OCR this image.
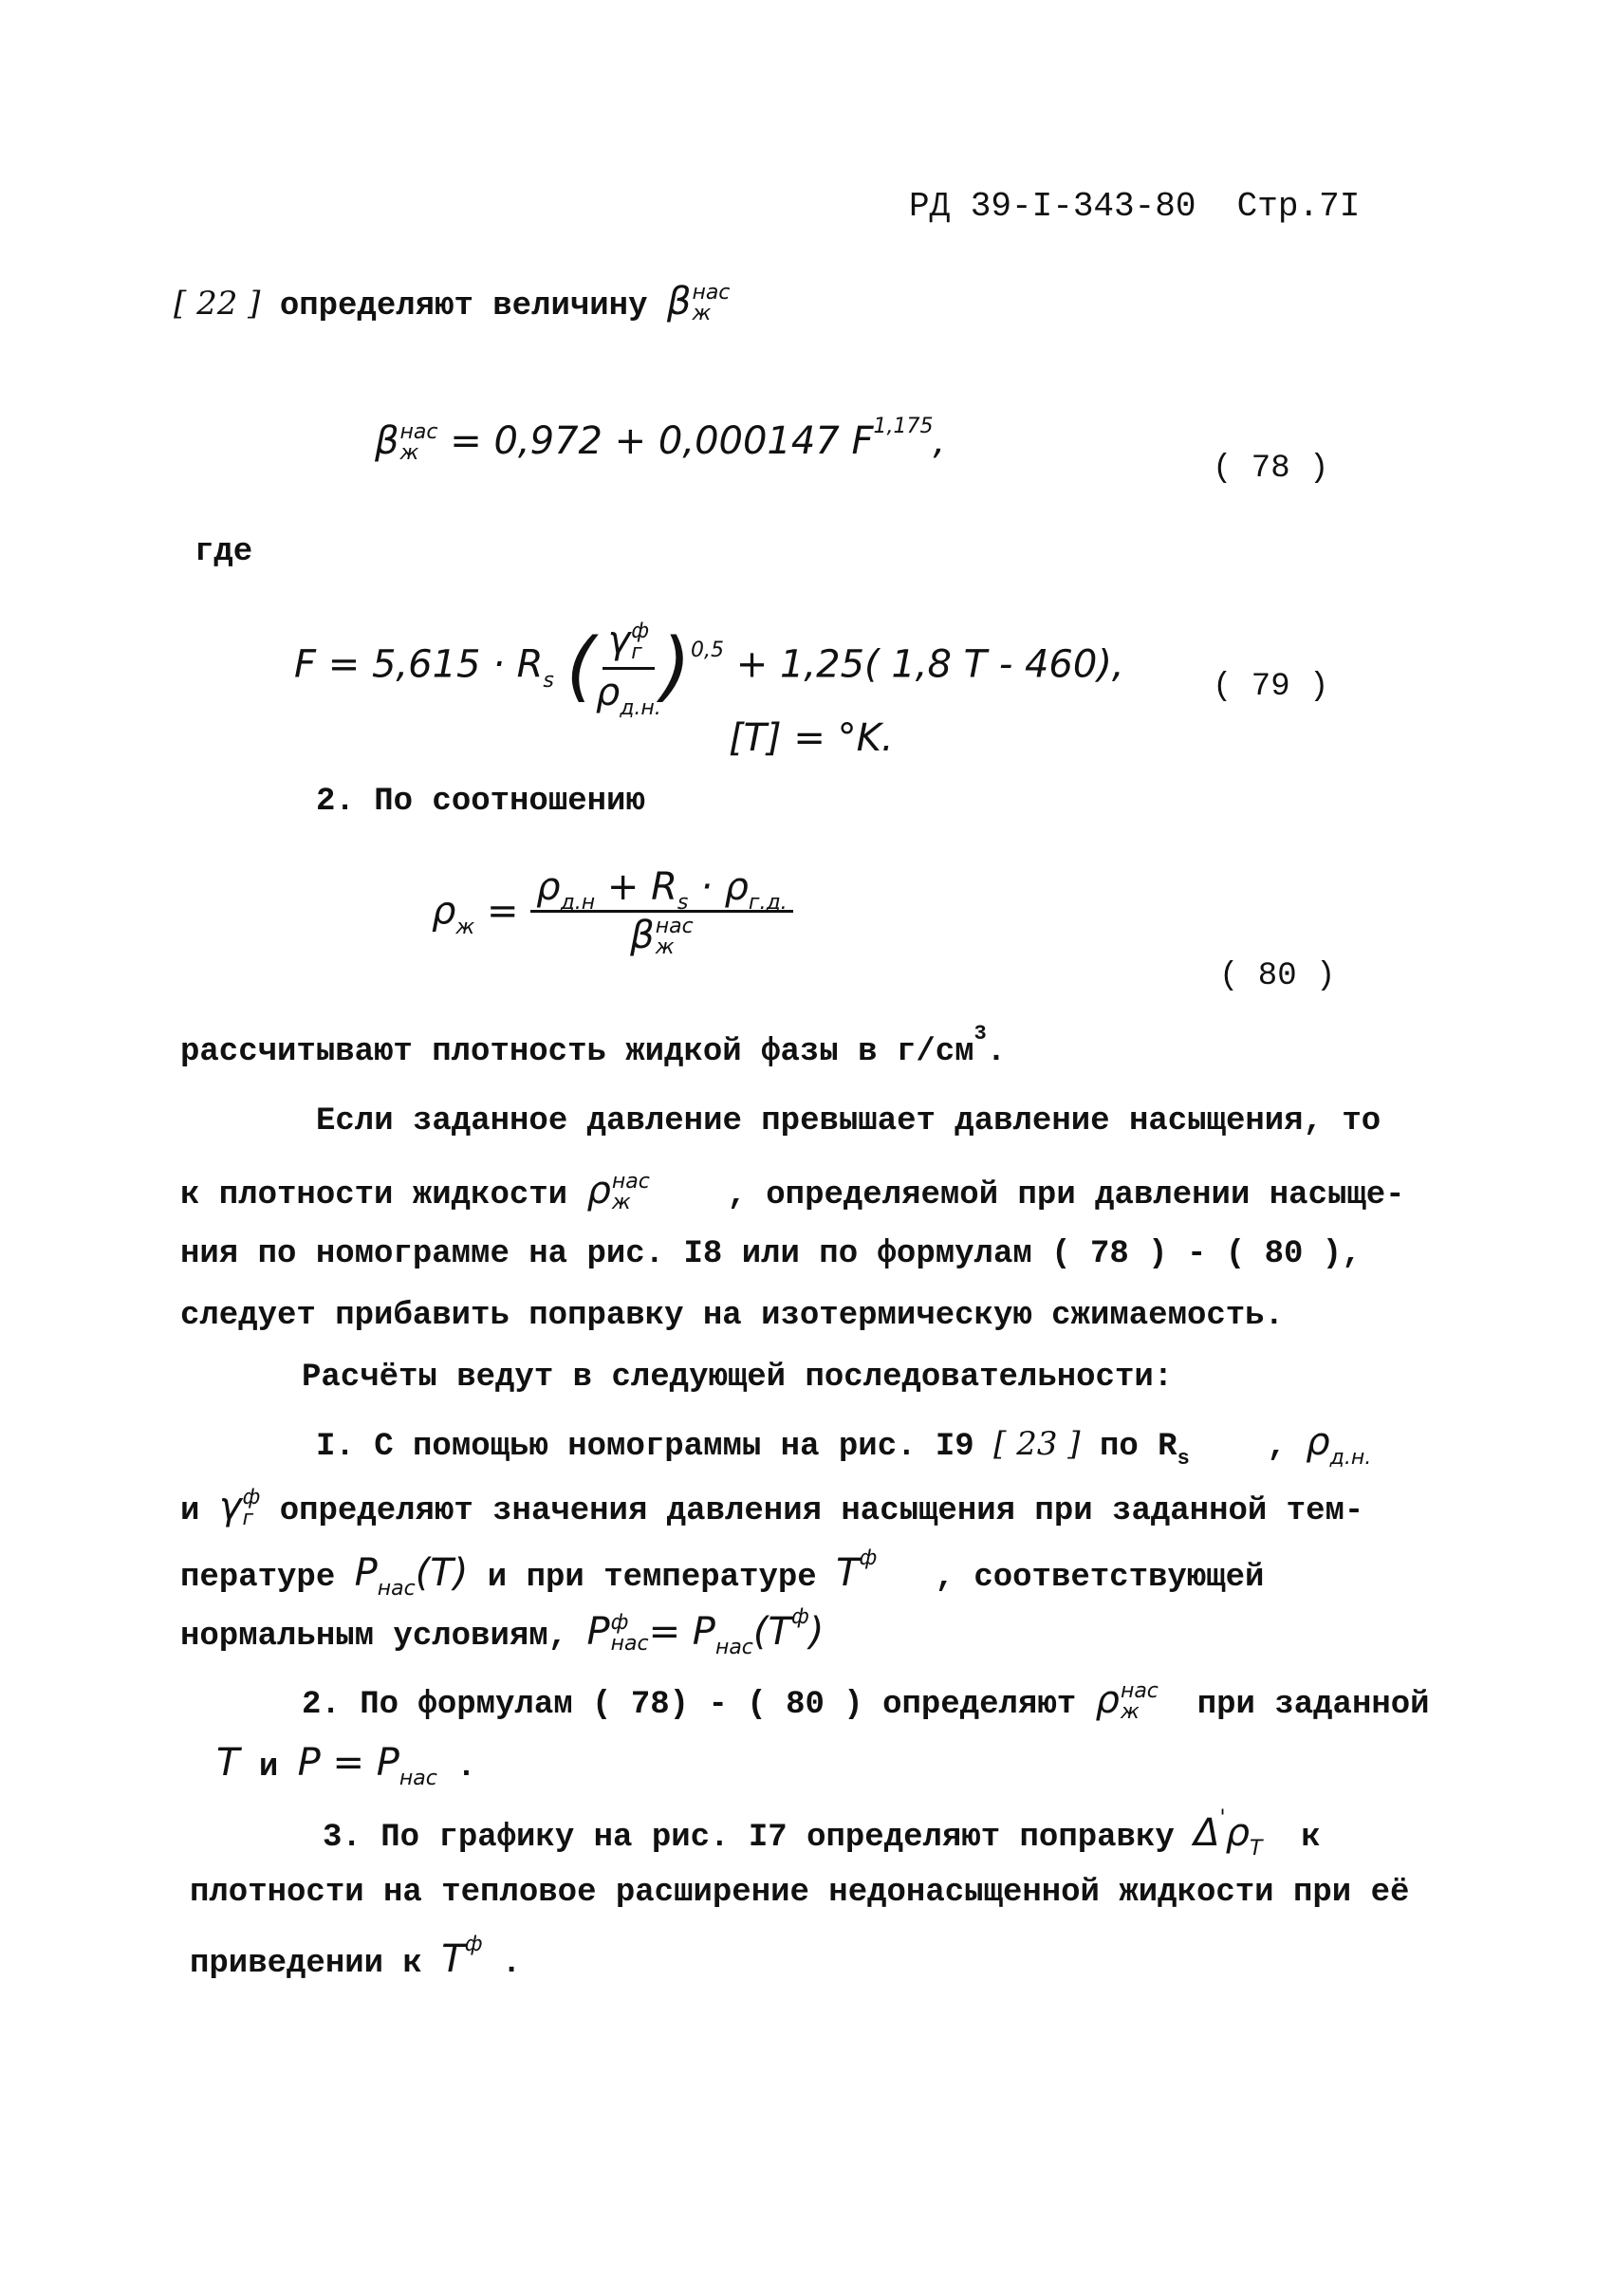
РД 39-I-343-80 Стр.7I
[ 22 ] определяют величину β нас
ж
β нас
ж = 0,972 + 0,000147 F$^{1,175}$,
( 78 )
где
$F = 5,615 \cdot R_s$ ( γ ф
г
$\rho_{д.н.}$ )$^{0,5}$ + 1,25( 1,8 T - 460),
[T] = °K.
( 79 )
2. По соотношению
$\rho_ж = \rho_{д.н} + R_s \cdot \rho_{г.д.}$
β нас
ж
( 80 )
рассчитывают плотность жидкой фазы в $г/см^3$.
Если заданное давление превышает давление насыщения, то
к плотности жидкости ρ нас
ж	, определяемой при давлении насыще-
ния по номограмме на рис. I8 или по формулам ( 78 ) - ( 80 ),
следует прибавить поправку на изотермическую сжимаемость.
Расчёты ведут в следующей последовательности:
I. С помощью номограммы на рис. I9 [ 23 ] по $R_s$ , $\rho_{д.н.}$
и γ ф
г определяют значения давления насыщения при заданной тем-
пературе $P_{нас}(T)$ и при температуре $T^ф$   , соответствующей
нормальным условиям, P ф
нас = $P_{нас}(T^ф)$
2. По формулам ( 78) - ( 80 ) определяют ρ нас
ж	при заданной
T и $P = P_{нас}$ .
3. По графику на рис. I7 определяют поправку $\Delta'\rho_T$ к
плотности на тепловое расширение недонасыщенной жидкости при её
приведении к $T^ф$ .
